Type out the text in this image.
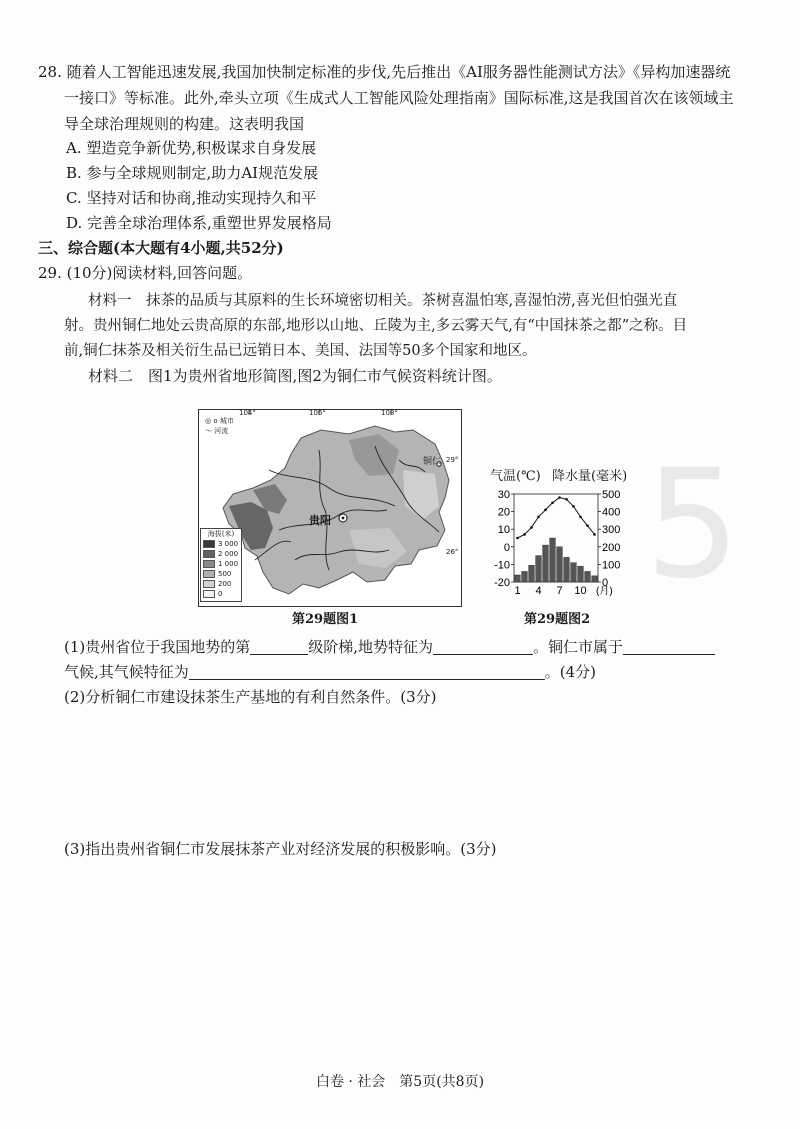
5
28. 随着人工智能迅速发展,我国加快制定标准的步伐,先后推出《AI服务器性能测试方法》《异构加速器统
一接口》等标准。此外,牵头立项《生成式人工智能风险处理指南》国际标准,这是我国首次在该领域主
导全球治理规则的构建。这表明我国
A. 塑造竞争新优势,积极谋求自身发展
B. 参与全球规则制定,助力AI规范发展
C. 坚持对话和协商,推动实现持久和平
D. 完善全球治理体系,重塑世界发展格局
三、综合题(本大题有4小题,共52分)
29. (10分)阅读材料,回答问题。
材料一　抹茶的品质与其原料的生长环境密切相关。茶树喜温怕寒,喜湿怕涝,喜光但怕强光直
射。贵州铜仁地处云贵高原的东部,地形以山地、丘陵为主,多云雾天气,有“中国抹茶之都”之称。目
前,铜仁抹茶及相关衍生品已远销日本、美国、法国等50多个国家和地区。
材料二　图1为贵州省地形简图,图2为铜仁市气候资料统计图。
104°	106°	108°
29°
26°
◎ o 城市
～ 河流
贵阳
铜仁
海拔(米)
3 000
2 000
1 000
500
200
0
第29题图1
气温(℃) 降水量(毫米)
30
20
10
0
-10
-20
500
400
300
200
100
0
1 4 7 10 (月)
第29题图2
(1)贵州省位于我国地势的第	级阶梯,地势特征为	。铜仁市属于
气候,其气候特征为	。(4分)
(2)分析铜仁市建设抹茶生产基地的有利自然条件。(3分)
(3)指出贵州省铜仁市发展抹茶产业对经济发展的积极影响。(3分)
白卷 · 社会　第5页(共8页)
